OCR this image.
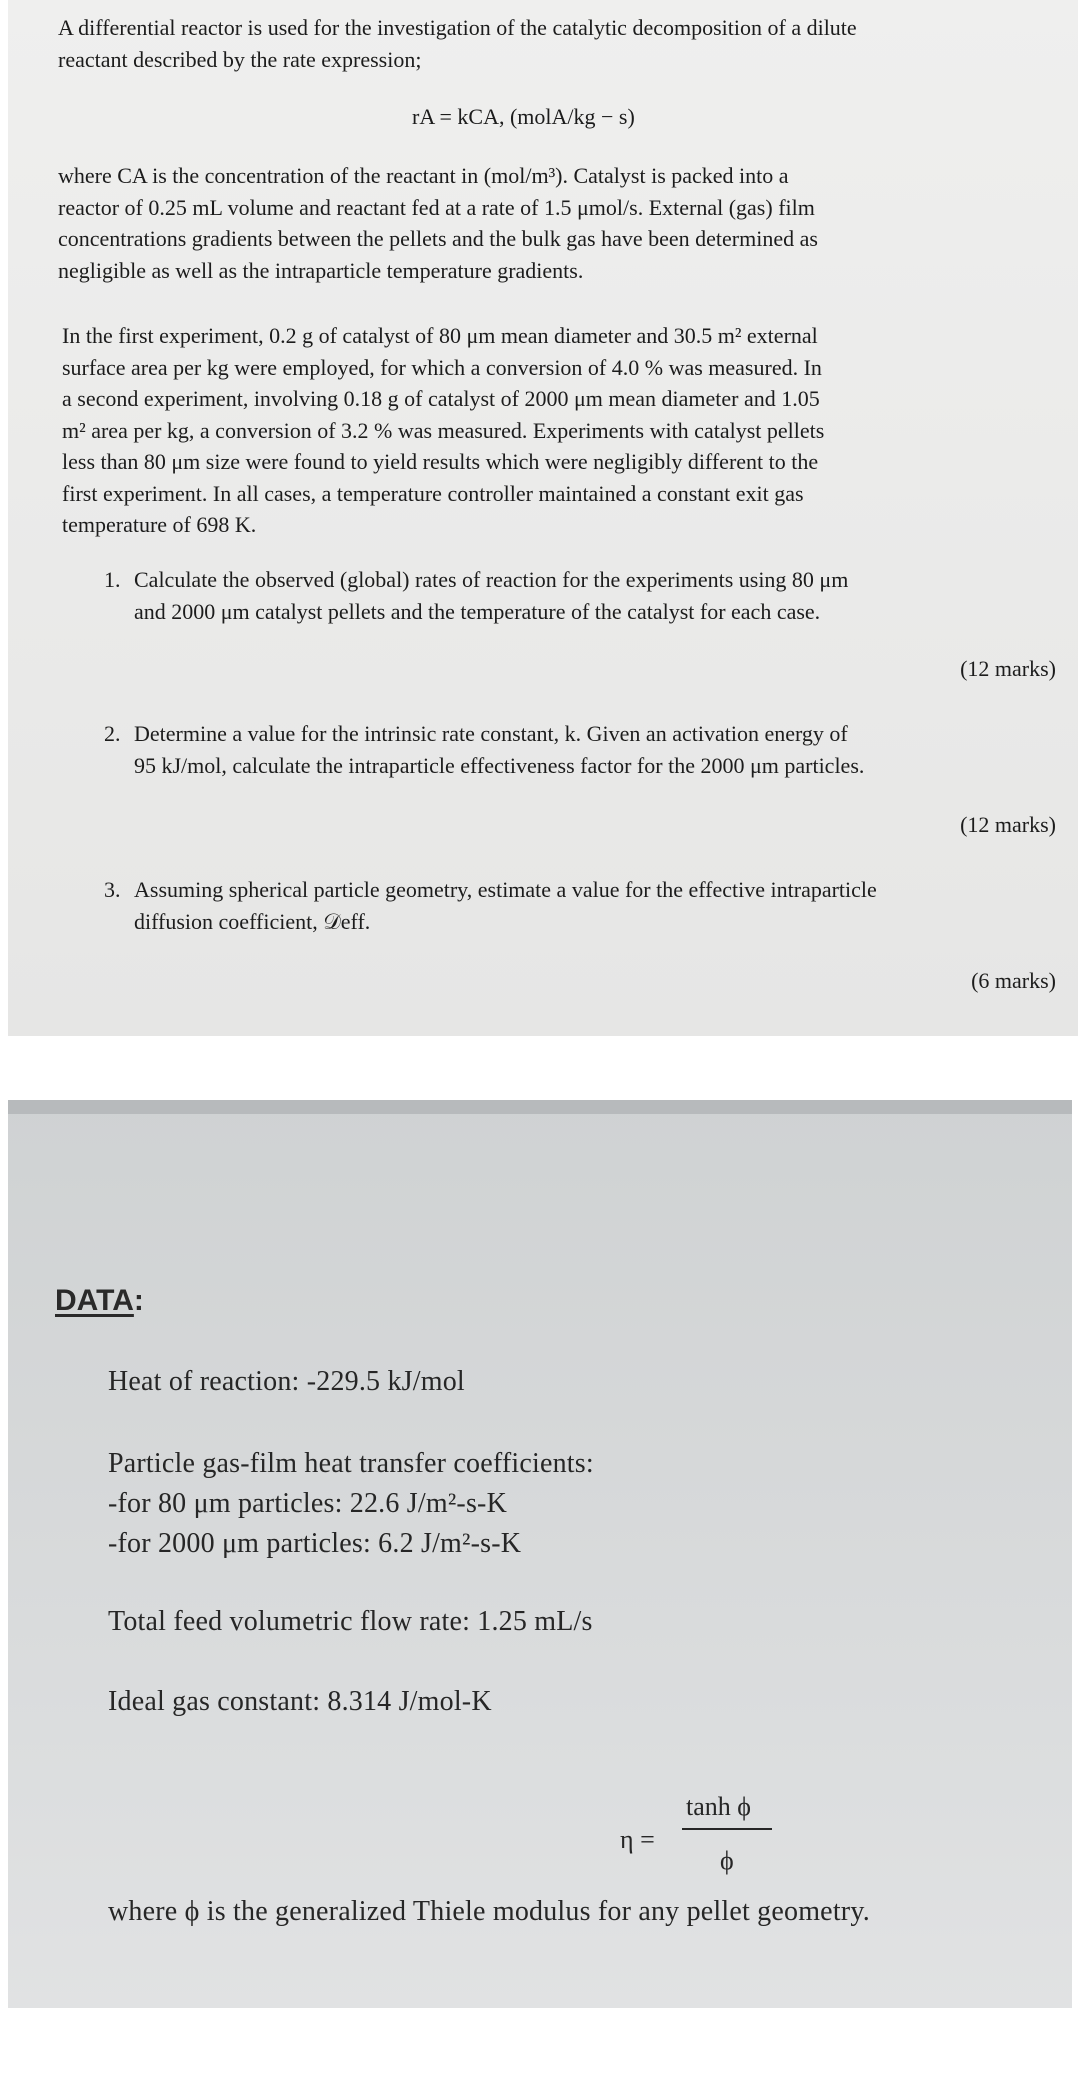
A differential reactor is used for the investigation of the catalytic decomposition of a dilute
reactant described by the rate expression;

rA = kCA, (molA/kg − s)

where CA is the concentration of the reactant in (mol/m³). Catalyst is packed into a
reactor of 0.25 mL volume and reactant fed at a rate of 1.5 μmol/s. External (gas) film
concentrations gradients between the pellets and the bulk gas have been determined as
negligible as well as the intraparticle temperature gradients.

In the first experiment, 0.2 g of catalyst of 80 μm mean diameter and 30.5 m² external
surface area per kg were employed, for which a conversion of 4.0 % was measured. In
a second experiment, involving 0.18 g of catalyst of 2000 μm mean diameter and 1.05
m² area per kg, a conversion of 3.2 % was measured. Experiments with catalyst pellets
less than 80 μm size were found to yield results which were negligibly different to the
first experiment. In all cases, a temperature controller maintained a constant exit gas
temperature of 698 K.

1. Calculate the observed (global) rates of reaction for the experiments using 80 μm
and 2000 μm catalyst pellets and the temperature of the catalyst for each case.
(12 marks)
2. Determine a value for the intrinsic rate constant, k. Given an activation energy of
95 kJ/mol, calculate the intraparticle effectiveness factor for the 2000 μm particles.
(12 marks)
3. Assuming spherical particle geometry, estimate a value for the effective intraparticle
diffusion coefficient, 𝒟eff.
(6 marks)
DATA:
Heat of reaction: -229.5 kJ/mol
Particle gas-film heat transfer coefficients:
-for 80 μm particles: 22.6 J/m²-s-K
-for 2000 μm particles: 6.2 J/m²-s-K
Total feed volumetric flow rate: 1.25 mL/s
Ideal gas constant: 8.314 J/mol-K
η =
tanh ϕ
ϕ
where ϕ is the generalized Thiele modulus for any pellet geometry.
